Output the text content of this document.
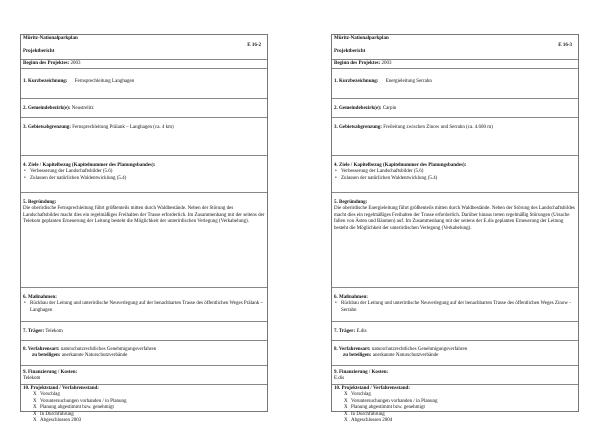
Müritz-Nationalparkplan
Projektbericht
E 16-2
Beginn des Projektes: 2003
1. Kurzbezeichnung: Fernsprechleitung Langhagen
2. Gemeindebezirk(e): Neustrelitz
3. Gebietsabgrenzung: Fernsprechleitung Prälank – Langhagen (ca. 4 km)
4. Ziele / Kapitelbezug (Kapitelnummer des Planungsbandes):
• Verbesserung der Landschaftsbilder (5.6)
• Zulassen der natürlichen Waldentwicklung (5.4)
5. Begründung:

Die oberirdische Fernsprechleitung führt größtenteils mitten durch Waldbestände. Neben der Störung des Landschaftsbildes macht dies ein regelmäßiges Freihalten der Trasse erforderlich. Im Zusammenhang mit der seitens der Telekom geplanten Erneuerung der Leitung besteht die Möglichkeit der unterirdischen Verlegung (Verkabelung).

6. Maßnahmen:
• Rückbau der Leitung und unterirdische Neuverlegung auf der benachbarten Trasse des öffentlichen Weges Prälank – Langhagen
7. Träger: Telekom
8. Verfahrensart: naturschutzrechtliches Genehmigungsverfahren
zu beteiligen: anerkannte Naturschutzverbände
9. Finanzierung / Kosten:
Telekom
10. Projektstand / Verfahrensstand:
X Vorschlag
X Voruntersuchungen vorhanden / in Planung
X Planung abgestimmt bzw. genehmigt
X In Durchführung
X Abgeschlossen 2003
Müritz-Nationalparkplan
Projektbericht
E 16-3
Beginn des Projektes: 2003
1. Kurzbezeichnung: Energieleitung Serrahn
2. Gemeindebezirk(e): Carpin
3. Gebietsabgrenzung: Freileitung zwischen Zinow und Serrahn (ca. 4.600 m)
4. Ziele / Kapitelbezug (Kapitelnummer des Planungsbandes):
• Verbesserung der Landschaftsbilder (5.6)
• Zulassen der natürlichen Waldentwicklung (5.4)
5. Begründung:

Die oberirdische Energieleitung führt größtenteils mitten durch Waldbestände. Neben der Störung des Landschaftsbildes macht dies ein regelmäßiges Freihalten der Trasse erforderlich. Darüber hinaus treten regelmäßig Störungen (Ursache fallen von Ästen und Bäumen) auf. Im Zusammenhang mit der seitens der E.dis geplanten Erneuerung der Leitung besteht die Möglichkeit der unterirdischen Verlegung (Verkabelung).

6. Maßnahmen:
• Rückbau der Leitung und unterirdische Neuverlegung auf der benachbarten Trasse des öffentlichen Weges Zinow - Serrahn
7. Träger: E.dis
8. Verfahrensart: naturschutzrechtliches Genehmigungsverfahren
zu beteiligen: anerkannte Naturschutzverbände
9. Finanzierung / Kosten:
E.dis
10. Projektstand / Verfahrensstand:
X Vorschlag
X Voruntersuchungen vorhanden / in Planung
X Planung abgestimmt bzw. genehmigt
X In Durchführung
X Abgeschlossen 2004
